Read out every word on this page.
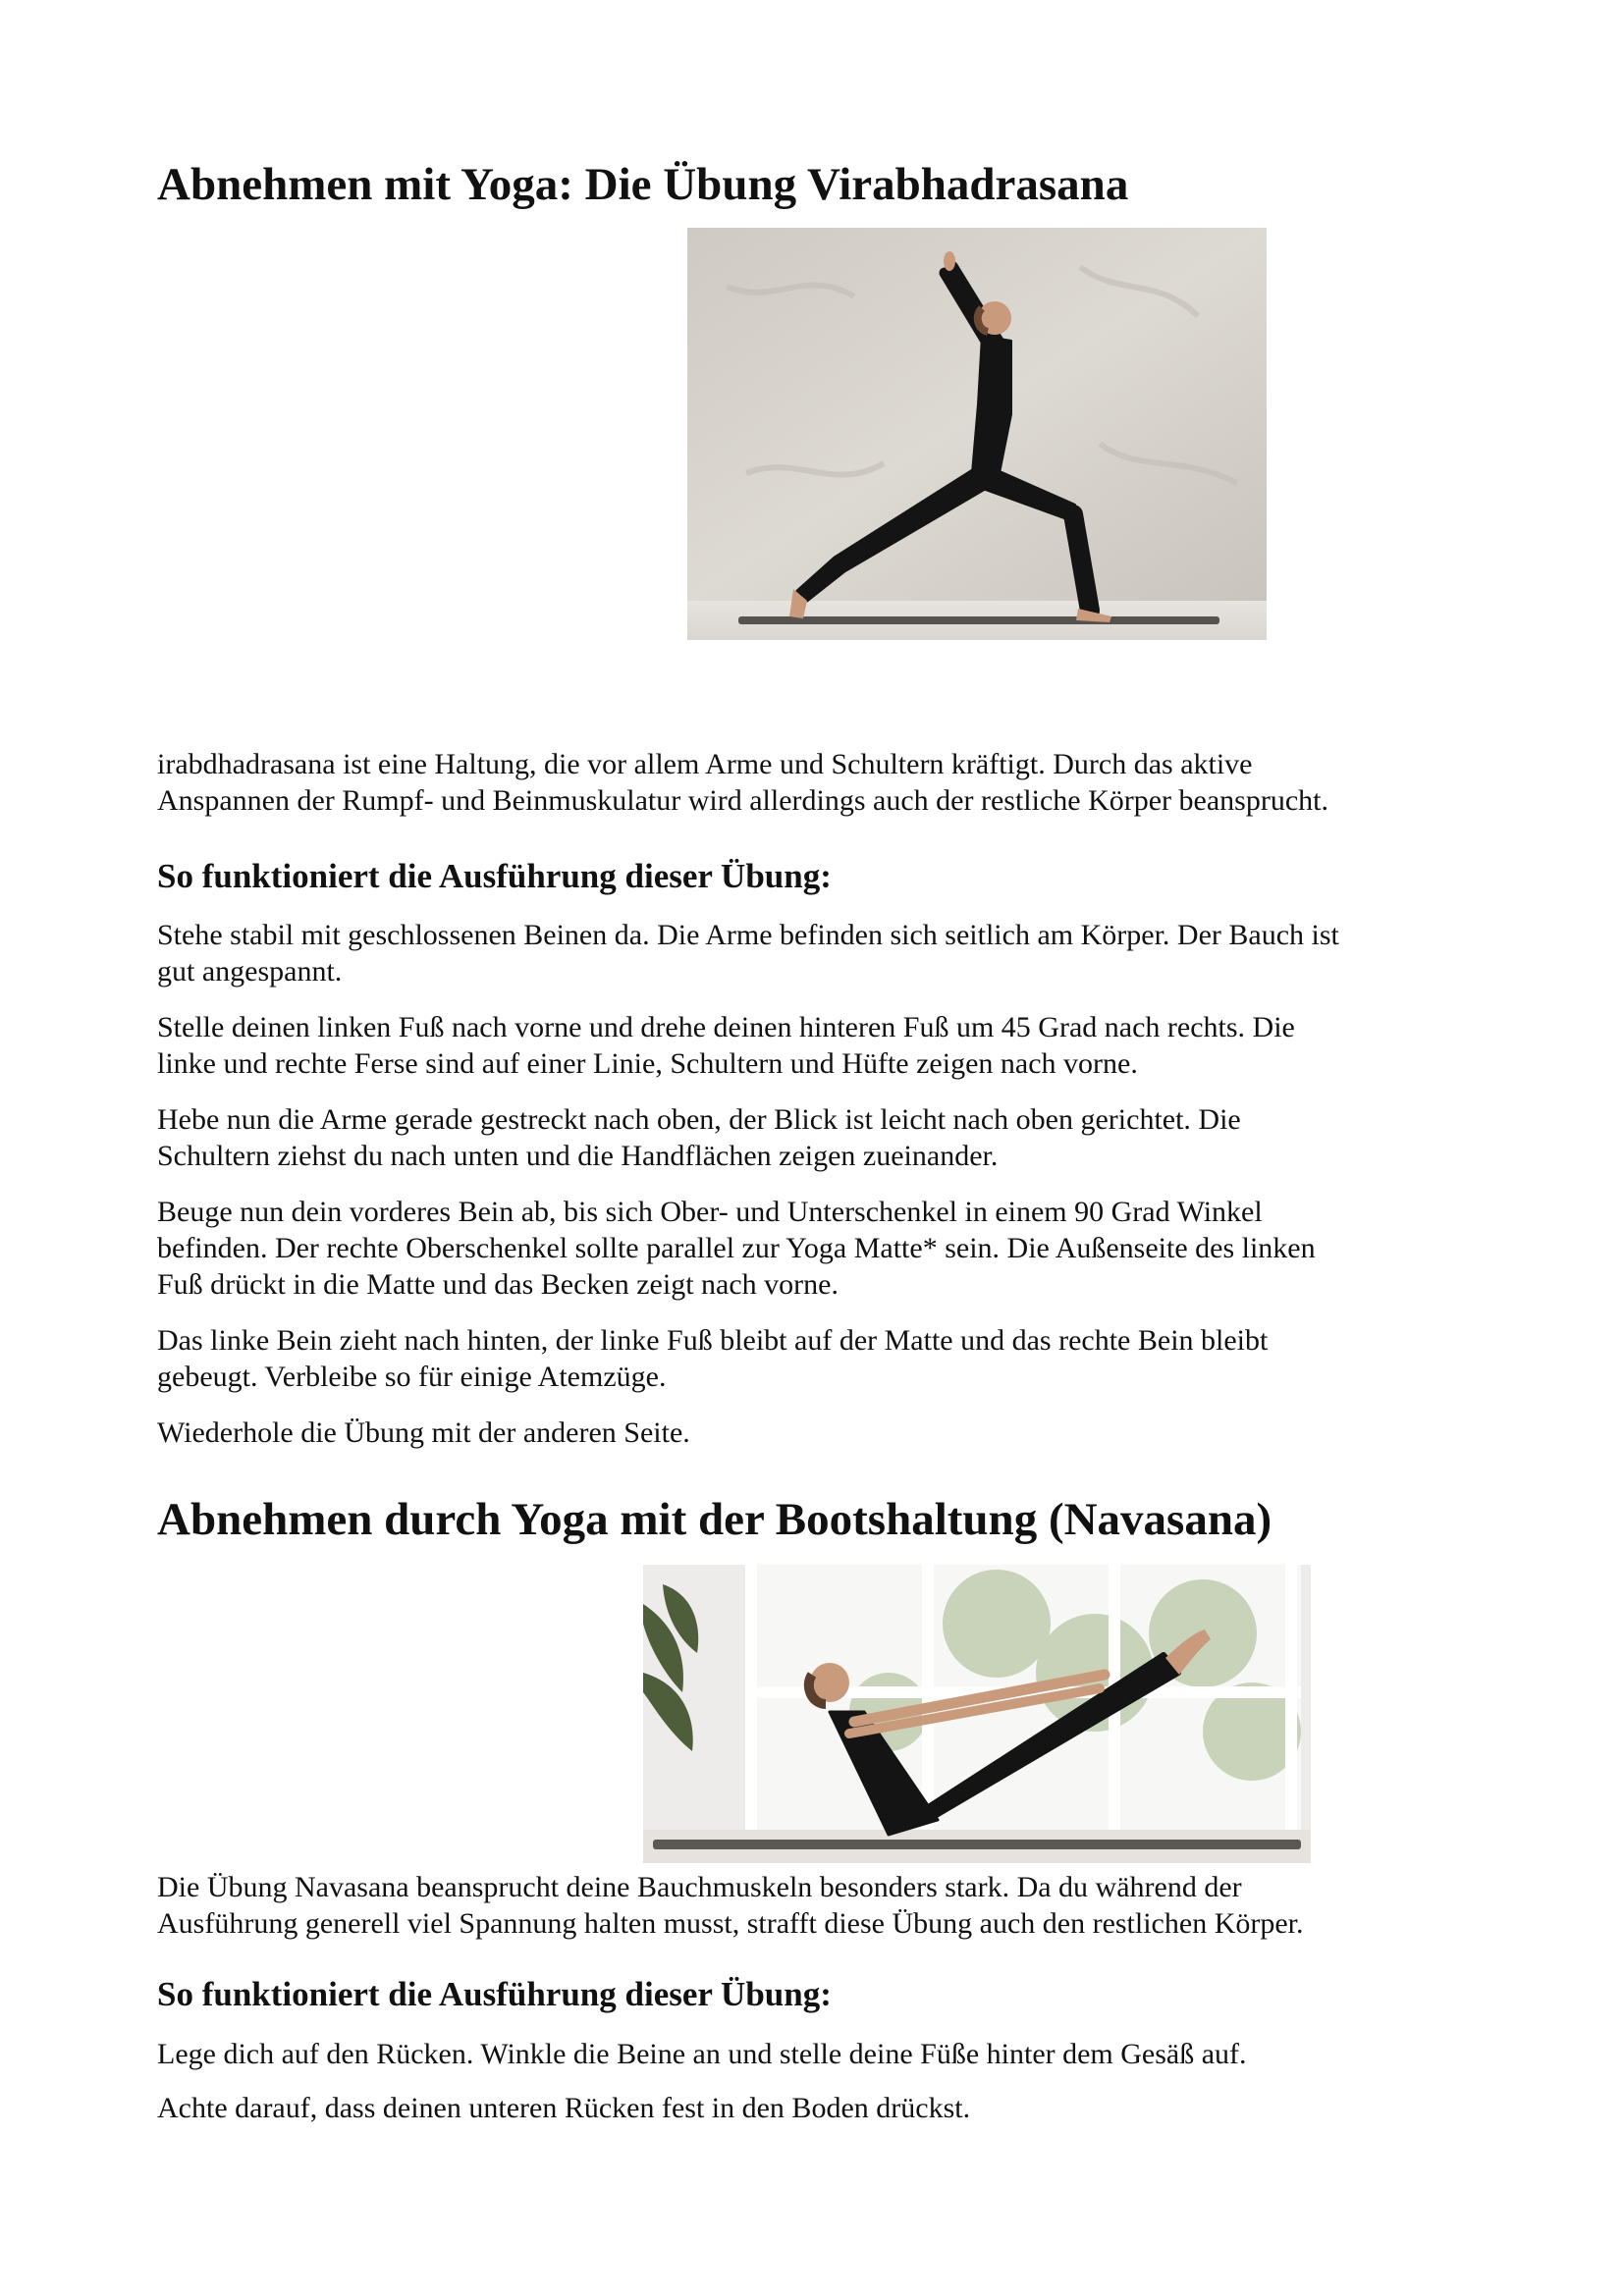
Abnehmen mit Yoga: Die Übung Virabhadrasana

irabdhadrasana ist eine Haltung, die vor allem Arme und Schultern kräftigt. Durch das aktive

Anspannen der Rumpf- und Beinmuskulatur wird allerdings auch der restliche Körper beansprucht.

So funktioniert die Ausführung dieser Übung:

Stehe stabil mit geschlossenen Beinen da. Die Arme befinden sich seitlich am Körper. Der Bauch ist

gut angespannt.

Stelle deinen linken Fuß nach vorne und drehe deinen hinteren Fuß um 45 Grad nach rechts. Die

linke und rechte Ferse sind auf einer Linie, Schultern und Hüfte zeigen nach vorne.

Hebe nun die Arme gerade gestreckt nach oben, der Blick ist leicht nach oben gerichtet. Die

Schultern ziehst du nach unten und die Handflächen zeigen zueinander.

Beuge nun dein vorderes Bein ab, bis sich Ober- und Unterschenkel in einem 90 Grad Winkel

befinden. Der rechte Oberschenkel sollte parallel zur Yoga Matte* sein. Die Außenseite des linken

Fuß drückt in die Matte und das Becken zeigt nach vorne.

Das linke Bein zieht nach hinten, der linke Fuß bleibt auf der Matte und das rechte Bein bleibt

gebeugt. Verbleibe so für einige Atemzüge.

Wiederhole die Übung mit der anderen Seite.

Abnehmen durch Yoga mit der Bootshaltung (Navasana)

Die Übung Navasana beansprucht deine Bauchmuskeln besonders stark. Da du während der

Ausführung generell viel Spannung halten musst, strafft diese Übung auch den restlichen Körper.

So funktioniert die Ausführung dieser Übung:

Lege dich auf den Rücken. Winkle die Beine an und stelle deine Füße hinter dem Gesäß auf.

Achte darauf, dass deinen unteren Rücken fest in den Boden drückst.
